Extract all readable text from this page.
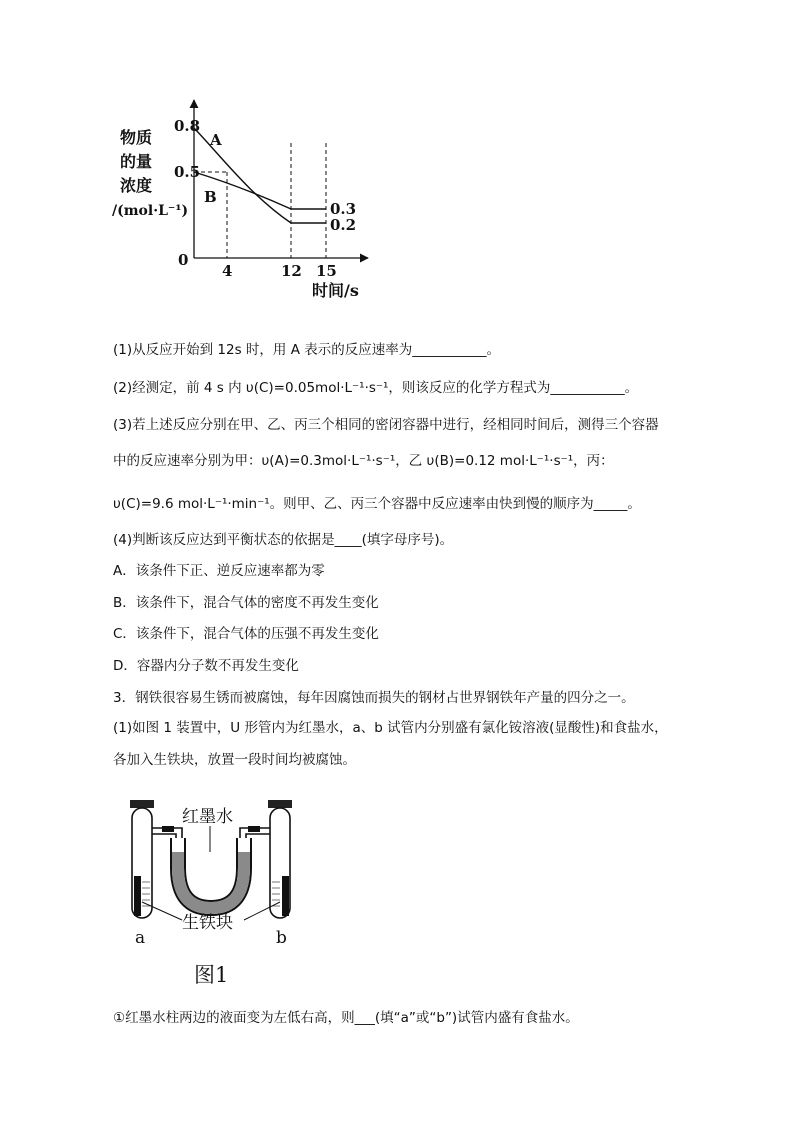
物质
的量
浓度
/(mol·L⁻¹)
0.8
0.5
0
4	12 15
时间/s
A
B
0.3
0.2
(1)从反应开始到 12s 时，用 A 表示的反应速率为___________。
(2)经测定，前 4 s 内 υ(C)=0.05mol·L⁻¹·s⁻¹，则该反应的化学方程式为___________。
(3)若上述反应分别在甲、乙、丙三个相同的密闭容器中进行，经相同时间后，测得三个容器
中的反应速率分别为甲：υ(A)=0.3mol·L⁻¹·s⁻¹，乙 υ(B)=0.12 mol·L⁻¹·s⁻¹，丙：
υ(C)=9.6 mol·L⁻¹·min⁻¹。则甲、乙、丙三个容器中反应速率由快到慢的顺序为_____。
(4)判断该反应达到平衡状态的依据是____(填字母序号)。
A．该条件下正、逆反应速率都为零
B．该条件下，混合气体的密度不再发生变化
C．该条件下，混合气体的压强不再发生变化
D．容器内分子数不再发生变化
3．钢铁很容易生锈而被腐蚀，每年因腐蚀而损失的钢材占世界钢铁年产量的四分之一。
(1)如图 1 装置中，U 形管内为红墨水，a、b 试管内分别盛有氯化铵溶液(显酸性)和食盐水，
各加入生铁块，放置一段时间均被腐蚀。
红墨水
生铁块
a	b
图1
①红墨水柱两边的液面变为左低右高，则___(填“a”或“b”)试管内盛有食盐水。
